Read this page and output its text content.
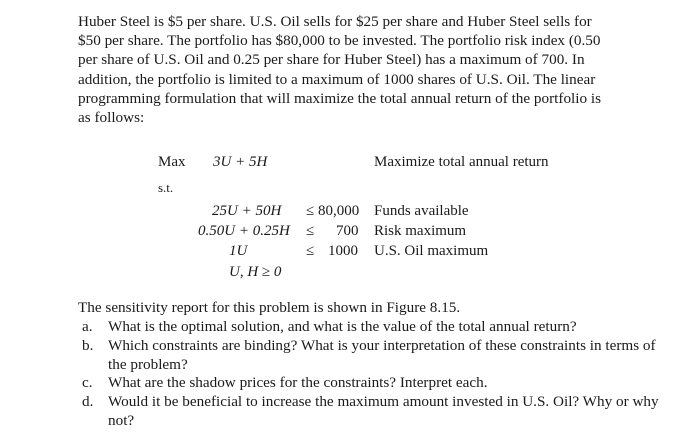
Huber Steel is $5 per share. U.S. Oil sells for $25 per share and Huber Steel sells for
$50 per share. The portfolio has $80,000 to be invested. The portfolio risk index (0.50
per share of U.S. Oil and 0.25 per share for Huber Steel) has a maximum of 700. In
addition, the portfolio is limited to a maximum of 1000 shares of U.S. Oil. The linear
programming formulation that will maximize the total annual return of the portfolio is
as follows:
Max 3U + 5H	Maximize total annual return
s.t.
25U + 50H ≤ 80,000 Funds available
0.50U + 0.25H ≤ 700 Risk maximum
1U	≤ 1000 U.S. Oil maximum
U, H ≥ 0
The sensitivity report for this problem is shown in Figure 8.15.
a. What is the optimal solution, and what is the value of the total annual return?
b. Which constraints are binding? What is your interpretation of these constraints in terms of the problem?
c. What are the shadow prices for the constraints? Interpret each.
d. Would it be beneficial to increase the maximum amount invested in U.S. Oil? Why or why not?
